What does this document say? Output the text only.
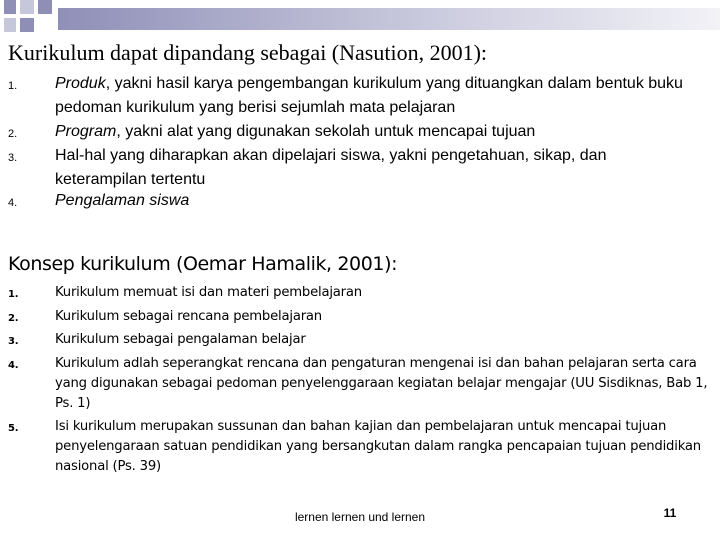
Kurikulum dapat dipandang sebagai (Nasution, 2001):
1. Produk, yakni hasil karya pengembangan kurikulum yang dituangkan dalam bentuk buku pedoman kurikulum yang berisi sejumlah mata pelajaran
2. Program, yakni alat yang digunakan sekolah untuk mencapai tujuan
3. Hal-hal yang diharapkan akan dipelajari siswa, yakni pengetahuan, sikap, dan keterampilan tertentu
4. Pengalaman siswa
Konsep kurikulum (Oemar Hamalik, 2001):
1.	Kurikulum memuat isi dan materi pembelajaran
2.	Kurikulum sebagai rencana pembelajaran
3.	Kurikulum sebagai pengalaman belajar
4.	Kurikulum adlah seperangkat rencana dan pengaturan mengenai isi dan bahan pelajaran serta cara yang digunakan sebagai pedoman penyelenggaraan kegiatan belajar mengajar (UU Sisdiknas, Bab 1, Ps. 1)
5.	Isi kurikulum merupakan sussunan dan bahan kajian dan pembelajaran untuk mencapai tujuan penyelengaraan satuan pendidikan yang bersangkutan dalam rangka pencapaian tujuan pendidikan nasional (Ps. 39)
lernen lernen und lernen	11
